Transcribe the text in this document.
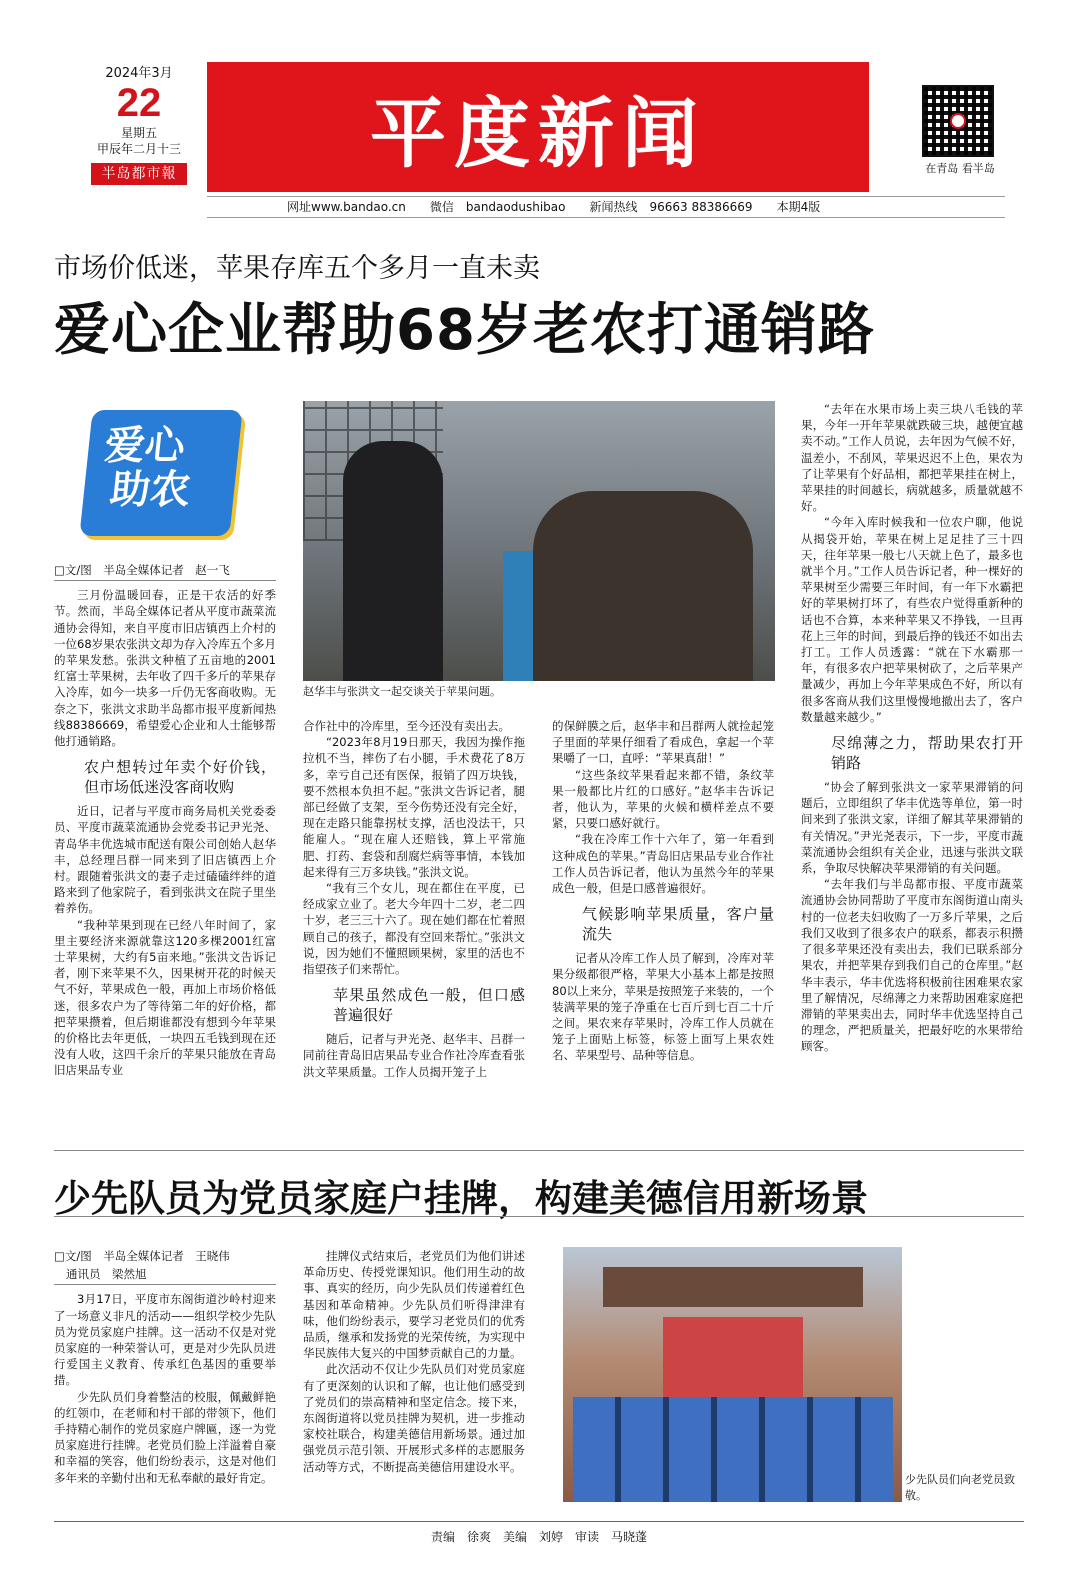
2024年3月
22
星期五
甲辰年二月十三
半岛都市報	平度新闻	在青岛 看半岛
网址www.bandao.cn 微信　bandaodushibao 新闻热线　96663 88386669 本期4版
市场价低迷，苹果存库五个多月一直未卖
爱心企业帮助68岁老农打通销路
爱心
助农
赵华丰与张洪文一起交谈关于苹果问题。

□文/图　半岛全媒体记者　赵一飞

三月份温暖回春，正是干农活的好季节。然而，半岛全媒体记者从平度市蔬菜流通协会得知，来自平度市旧店镇西上介村的一位68岁果农张洪文却为存入冷库五个多月的苹果发愁。张洪文种植了五亩地的2001红富士苹果树，去年收了四千多斤的苹果存入冷库，如今一块多一斤仍无客商收购。无奈之下，张洪文求助半岛都市报平度新闻热线88386669，希望爱心企业和人士能够帮他打通销路。

农户想转过年卖个好价钱，但市场低迷没客商收购

近日，记者与平度市商务局机关党委委员、平度市蔬菜流通协会党委书记尹光尧、青岛华丰优选城市配送有限公司创始人赵华丰，总经理吕群一同来到了旧店镇西上介村。跟随着张洪文的妻子走过磕磕绊绊的道路来到了他家院子，看到张洪文在院子里坐着养伤。

“我种苹果到现在已经八年时间了，家里主要经济来源就靠这120多棵2001红富士苹果树，大约有5亩来地。”张洪文告诉记者，刚下来苹果不久，因果树开花的时候天气不好，苹果成色一般，再加上市场价格低迷，很多农户为了等待第二年的好价格，都把苹果攒着，但后期谁都没有想到今年苹果的价格比去年更低，一块四五毛钱到现在还没有人收，这四千余斤的苹果只能放在青岛旧店果品专业

合作社中的冷库里，至今还没有卖出去。

“2023年8月19日那天，我因为操作拖拉机不当，摔伤了右小腿，手术费花了8万多，幸亏自己还有医保，报销了四万块钱，要不然根本负担不起。”张洪文告诉记者，腿部已经做了支架，至今伤势还没有完全好，现在走路只能靠拐杖支撑，活也没法干，只能雇人。“现在雇人还赔钱，算上平常施肥、打药、套袋和刮腐烂病等事情，本钱加起来得有三万多块钱。”张洪文说。

“我有三个女儿，现在都住在平度，已经成家立业了。老大今年四十二岁，老二四十岁，老三三十六了。现在她们都在忙着照顾自己的孩子，都没有空回来帮忙。”张洪文说，因为她们不懂照顾果树，家里的活也不指望孩子们来帮忙。

苹果虽然成色一般，但口感普遍很好

随后，记者与尹光尧、赵华丰、吕群一同前往青岛旧店果品专业合作社冷库查看张洪文苹果质量。工作人员揭开笼子上

的保鲜膜之后，赵华丰和吕群两人就捡起笼子里面的苹果仔细看了看成色，拿起一个苹果嚼了一口，直呼：“苹果真甜！”

“这些条纹苹果看起来都不错，条纹苹果一般都比片红的口感好。”赵华丰告诉记者，他认为，苹果的火候和横样差点不要紧，只要口感好就行。

“我在冷库工作十六年了，第一年看到这种成色的苹果。”青岛旧店果品专业合作社工作人员告诉记者，他认为虽然今年的苹果成色一般，但是口感普遍很好。

气候影响苹果质量，客户量流失

记者从冷库工作人员了解到，冷库对苹果分级都很严格，苹果大小基本上都是按照80以上来分，苹果是按照笼子来装的，一个装满苹果的笼子净重在七百斤到七百二十斤之间。果农来存苹果时，冷库工作人员就在笼子上面贴上标签，标签上面写上果农姓名、苹果型号、品种等信息。

“去年在水果市场上卖三块八毛钱的苹果，今年一开年苹果就跌破三块，越便宜越卖不动。”工作人员说，去年因为气候不好，温差小，不刮风，苹果迟迟不上色，果农为了让苹果有个好品相，都把苹果挂在树上，苹果挂的时间越长，病就越多，质量就越不好。

“今年入库时候我和一位农户聊，他说从揭袋开始，苹果在树上足足挂了三十四天，往年苹果一般七八天就上色了，最多也就半个月。”工作人员告诉记者，种一棵好的苹果树至少需要三年时间，有一年下水霸把好的苹果树打坏了，有些农户觉得重新种的话也不合算，本来种苹果又不挣钱，一旦再花上三年的时间，到最后挣的钱还不如出去打工。工作人员透露：“就在下水霸那一年，有很多农户把苹果树砍了，之后苹果产量减少，再加上今年苹果成色不好，所以有很多客商从我们这里慢慢地撤出去了，客户数量越来越少。”

尽绵薄之力，帮助果农打开销路

“协会了解到张洪文一家苹果滞销的问题后，立即组织了华丰优选等单位，第一时间来到了张洪文家，详细了解其苹果滞销的有关情况。”尹光尧表示，下一步，平度市蔬菜流通协会组织有关企业，迅速与张洪文联系，争取尽快解决苹果滞销的有关问题。

“去年我们与半岛都市报、平度市蔬菜流通协会协同帮助了平度市东阁街道山南头村的一位老夫妇收购了一万多斤苹果，之后我们又收到了很多农户的联系，都表示积攒了很多苹果还没有卖出去，我们已联系部分果农，并把苹果存到我们自己的仓库里。”赵华丰表示，华丰优选将积极前往困难果农家里了解情况，尽绵薄之力来帮助困难家庭把滞销的苹果卖出去，同时华丰优选坚持自己的理念，严把质量关，把最好吃的水果带给顾客。

少先队员为党员家庭户挂牌，构建美德信用新场景

□文/图　半岛全媒体记者　王晓伟

通讯员　梁然旭

3月17日，平度市东阁街道沙岭村迎来了一场意义非凡的活动——组织学校少先队员为党员家庭户挂牌。这一活动不仅是对党员家庭的一种荣誉认可，更是对少先队员进行爱国主义教育、传承红色基因的重要举措。

少先队员们身着整洁的校服，佩戴鲜艳的红领巾，在老师和村干部的带领下，他们手持精心制作的党员家庭户牌匾，逐一为党员家庭进行挂牌。老党员们脸上洋溢着自豪和幸福的笑容，他们纷纷表示，这是对他们多年来的辛勤付出和无私奉献的最好肯定。

挂牌仪式结束后，老党员们为他们讲述革命历史、传授党课知识。他们用生动的故事、真实的经历，向少先队员们传递着红色基因和革命精神。少先队员们听得津津有味，他们纷纷表示，要学习老党员们的优秀品质，继承和发扬党的光荣传统，为实现中华民族伟大复兴的中国梦贡献自己的力量。

此次活动不仅让少先队员们对党员家庭有了更深刻的认识和了解，也让他们感受到了党员们的崇高精神和坚定信念。接下来，东阁街道将以党员挂牌为契机，进一步推动家校社联合，构建美德信用新场景。通过加强党员示范引领、开展形式多样的志愿服务活动等方式，不断提高美德信用建设水平。

少先队员们向老党员致敬。
责编　徐爽　美编　刘婷　审读　马晓蓬
